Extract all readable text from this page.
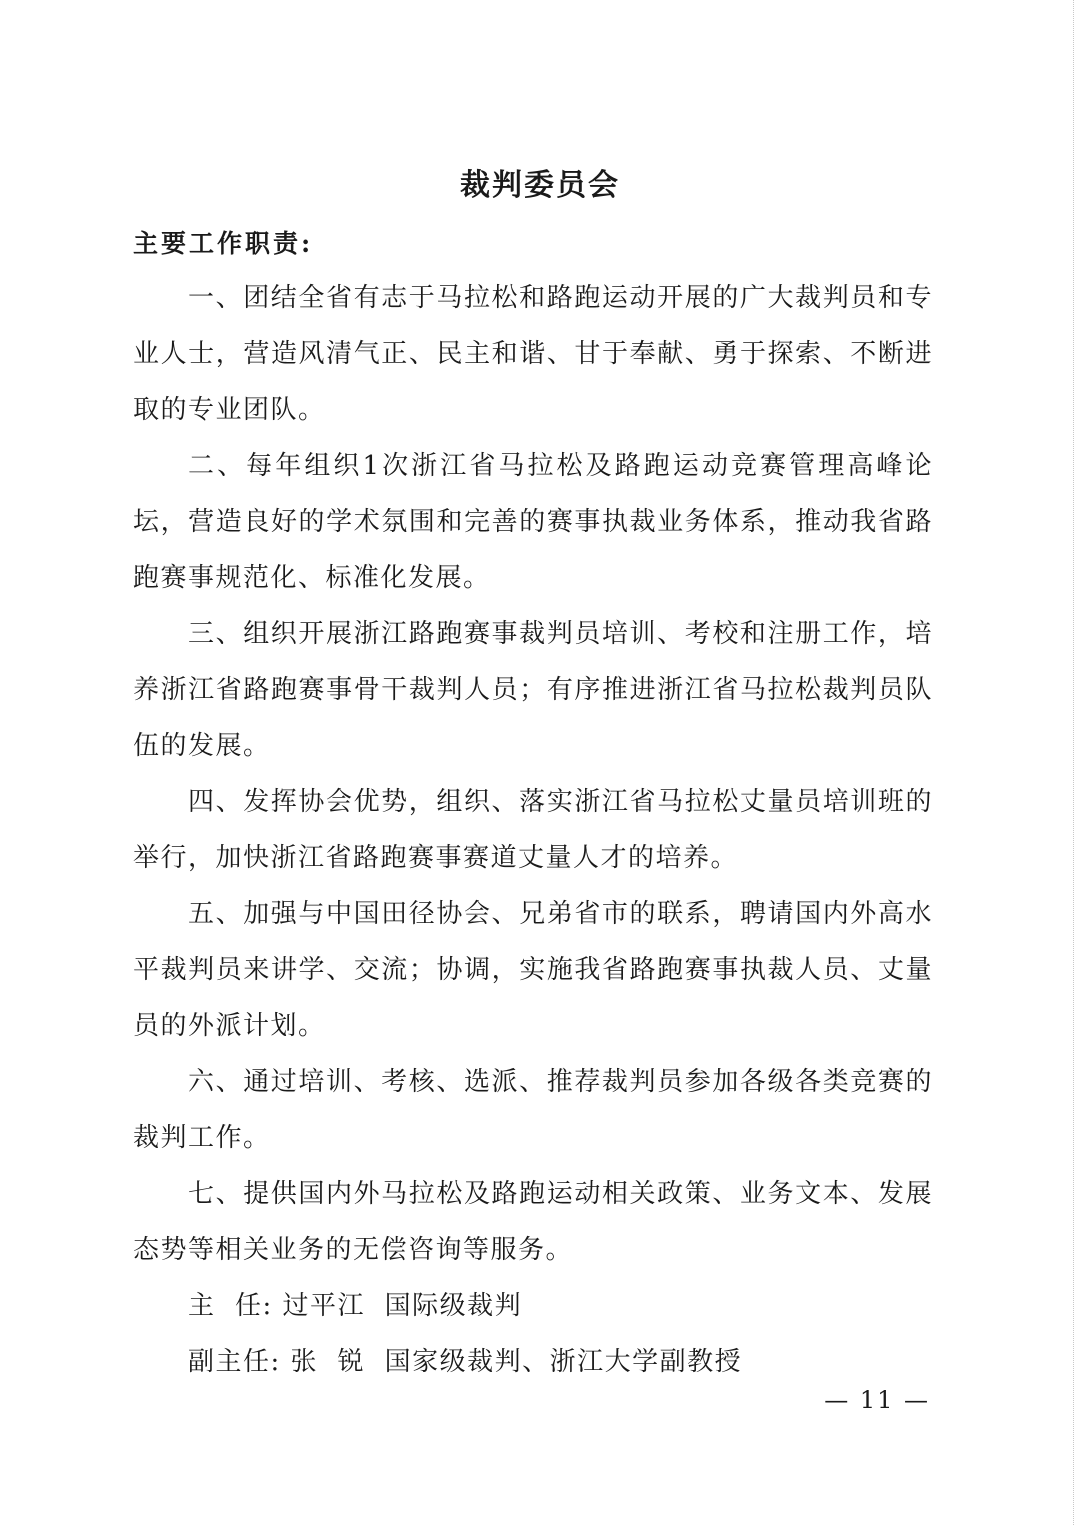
裁判委员会
主要工作职责:

一、团结全省有志于马拉松和路跑运动开展的广大裁判员和专业人士，营造风清气正、民主和谐、甘于奉献、勇于探索、不断进取的专业团队。

二、每年组织1次浙江省马拉松及路跑运动竞赛管理高峰论坛，营造良好的学术氛围和完善的赛事执裁业务体系，推动我省路跑赛事规范化、标准化发展。

三、组织开展浙江路跑赛事裁判员培训、考校和注册工作，培养浙江省路跑赛事骨干裁判人员；有序推进浙江省马拉松裁判员队伍的发展。

四、发挥协会优势，组织、落实浙江省马拉松丈量员培训班的举行，加快浙江省路跑赛事赛道丈量人才的培养。

五、加强与中国田径协会、兄弟省市的联系，聘请国内外高水平裁判员来讲学、交流；协调，实施我省路跑赛事执裁人员、丈量员的外派计划。

六、通过培训、考核、选派、推荐裁判员参加各级各类竞赛的裁判工作。

七、提供国内外马拉松及路跑运动相关政策、业务文本、发展态势等相关业务的无偿咨询等服务。

主  任: 过平江  国际级裁判

副主任: 张  锐  国家级裁判、浙江大学副教授

— 11 —
